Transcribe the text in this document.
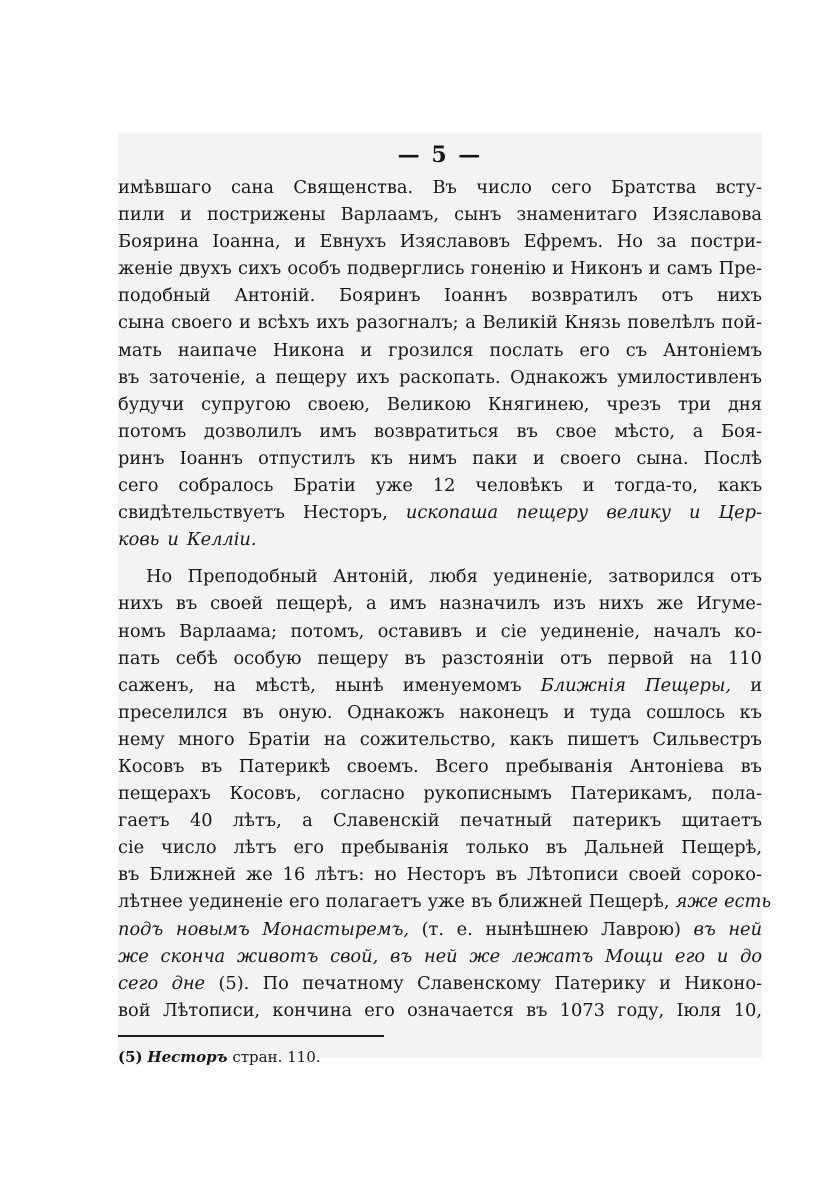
— 5 —
имѣвшаго сана Священства. Въ число сего Братства всту-
пили и пострижены Варлаамъ, сынъ знаменитаго Изяславова
Боярина Іоанна, и Евнухъ Изяславовъ Ефремъ. Но за постри-
женіе двухъ сихъ особъ подверглись гоненію и Никонъ и самъ Пре-
подобный Антоній. Бояринъ Іоаннъ возвратилъ отъ нихъ
сына своего и всѣхъ ихъ разогналъ; а Великій Князь повелѣлъ пой-
мать наипаче Никона и грозился послать его съ Антоніемъ
въ заточеніе, а пещеру ихъ раскопать. Однакожъ умилостивленъ
будучи супругою своею, Великою Княгинею, чрезъ три дня
потомъ дозволилъ имъ возвратиться въ свое мѣсто, а Боя-
ринъ Іоаннъ отпустилъ къ нимъ паки и своего сына. Послѣ
сего собралось Братіи уже 12 человѣкъ и тогда-то, какъ
свидѣтельствуетъ Несторъ, ископаша пещеру велику и Цер-
ковь и Келліи.
Но Преподобный Антоній, любя уединеніе, затворился отъ
нихъ въ своей пещерѣ, а имъ назначилъ изъ нихъ же Игуме-
номъ Варлаама; потомъ, оставивъ и сіе уединеніе, началъ ко-
пать себѣ особую пещеру въ разстояніи отъ первой на 110
саженъ, на мѣстѣ, нынѣ именуемомъ Ближнія Пещеры, и
преселился въ оную. Однакожъ наконецъ и туда сошлось къ
нему много Братіи на сожительство, какъ пишетъ Сильвестръ
Косовъ въ Патерикѣ своемъ. Всего пребыванія Антоніева въ
пещерахъ Косовъ, согласно рукописнымъ Патерикамъ, пола-
гаетъ 40 лѣтъ, а Славенскій печатный патерикъ щитаетъ
сіе число лѣтъ его пребыванія только въ Дальней Пещерѣ,
въ Ближней же 16 лѣтъ: но Несторъ въ Лѣтописи своей сороко-
лѣтнее уединеніе его полагаетъ уже въ ближней Пещерѣ, яже есть
подъ новымъ Монастыремъ, (т. е. нынѣшнею Лаврою) въ ней
же сконча животъ свой, въ ней же лежатъ Мощи его и до
сего дне (5). По печатному Славенскому Патерику и Никоно-
вой Лѣтописи, кончина его означается въ 1073 году, Іюля 10,
(5) Несторъ стран. 110.
